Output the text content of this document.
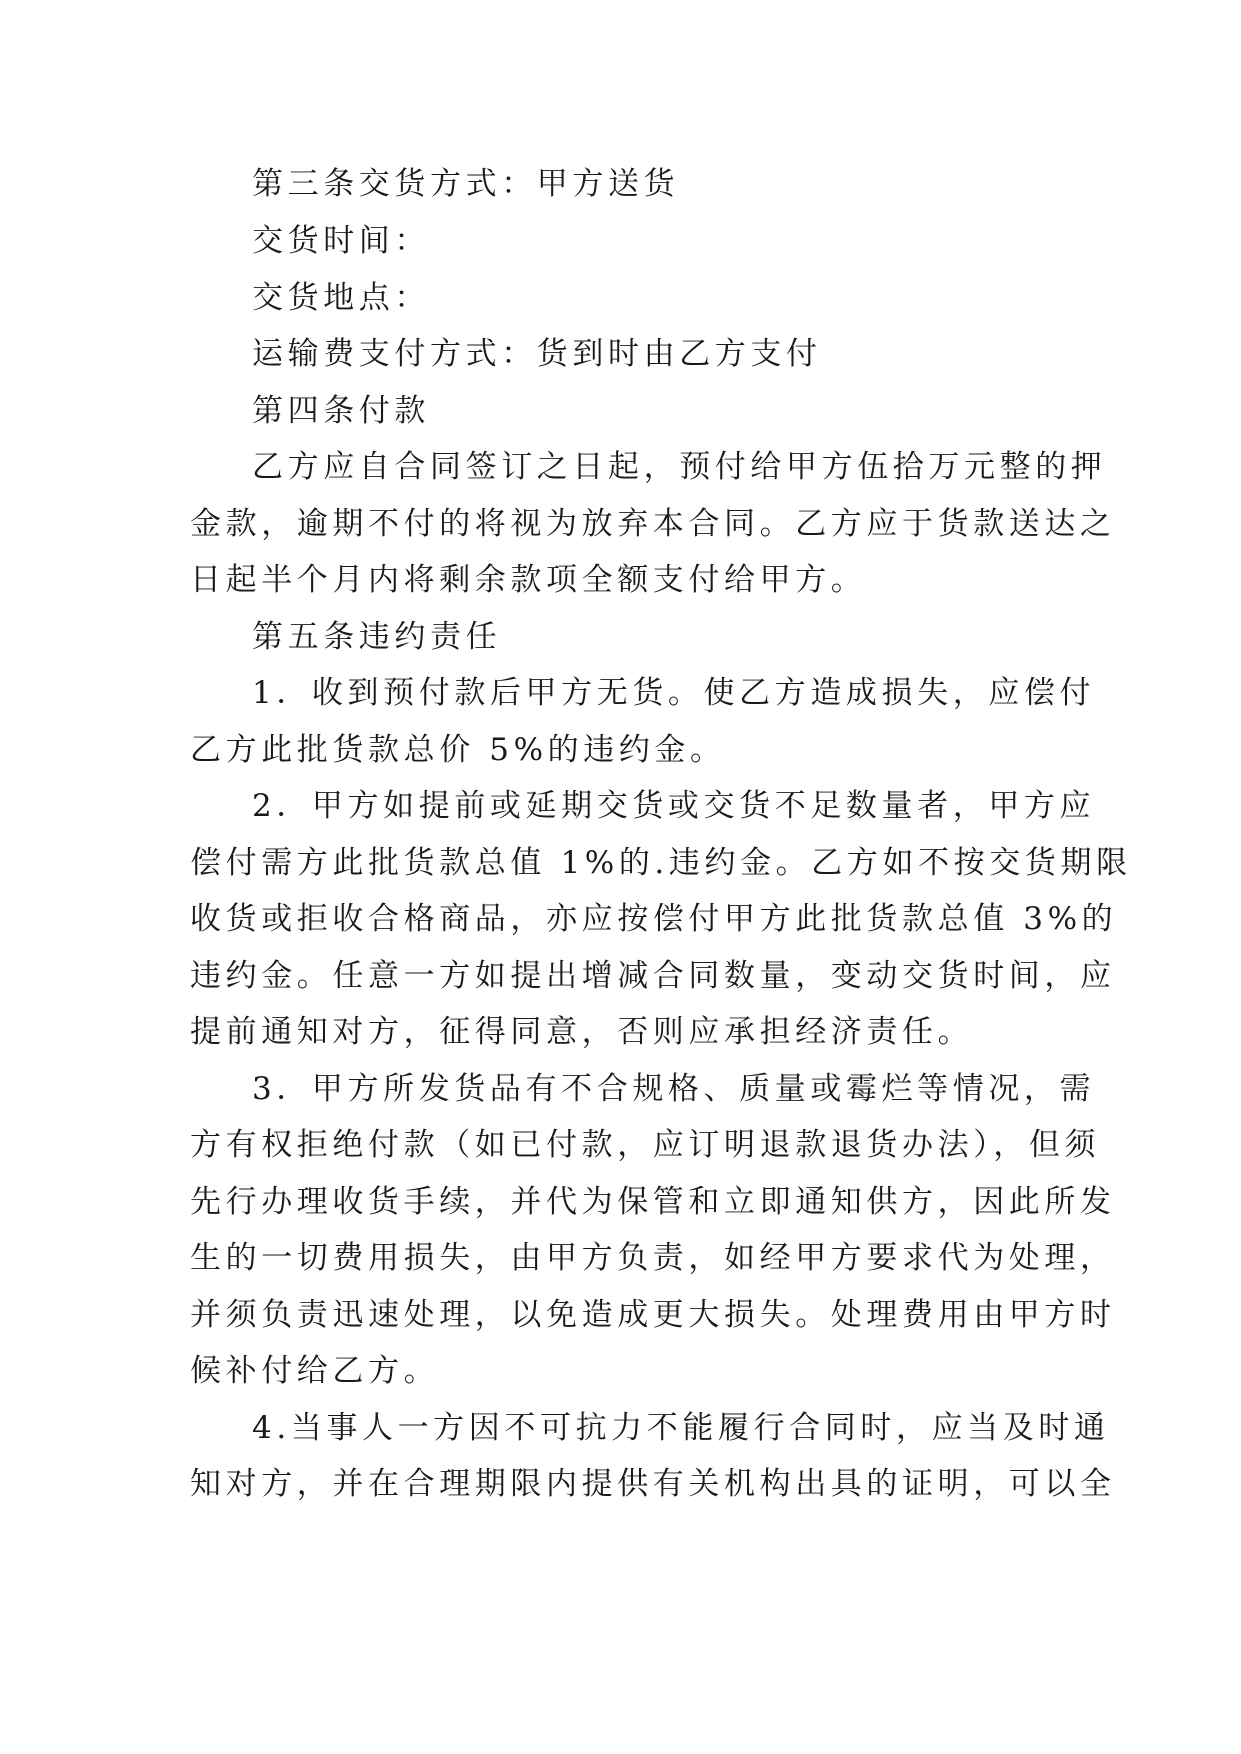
第三条交货方式：甲方送货

交货时间：

交货地点：

运输费支付方式：货到时由乙方支付

第四条付款

乙方应自合同签订之日起，预付给甲方伍拾万元整的押

金款，逾期不付的将视为放弃本合同。乙方应于货款送达之

日起半个月内将剩余款项全额支付给甲方。

第五条违约责任

1．收到预付款后甲方无货。使乙方造成损失，应偿付

乙方此批货款总价 5%的违约金。

2．甲方如提前或延期交货或交货不足数量者，甲方应

偿付需方此批货款总值 1%的.违约金。乙方如不按交货期限

收货或拒收合格商品，亦应按偿付甲方此批货款总值 3%的

违约金。任意一方如提出增减合同数量，变动交货时间，应

提前通知对方，征得同意，否则应承担经济责任。

3．甲方所发货品有不合规格、质量或霉烂等情况，需

方有权拒绝付款（如已付款，应订明退款退货办法），但须

先行办理收货手续，并代为保管和立即通知供方，因此所发

生的一切费用损失，由甲方负责，如经甲方要求代为处理，

并须负责迅速处理，以免造成更大损失。处理费用由甲方时

候补付给乙方。

4.当事人一方因不可抗力不能履行合同时，应当及时通

知对方，并在合理期限内提供有关机构出具的证明，可以全
